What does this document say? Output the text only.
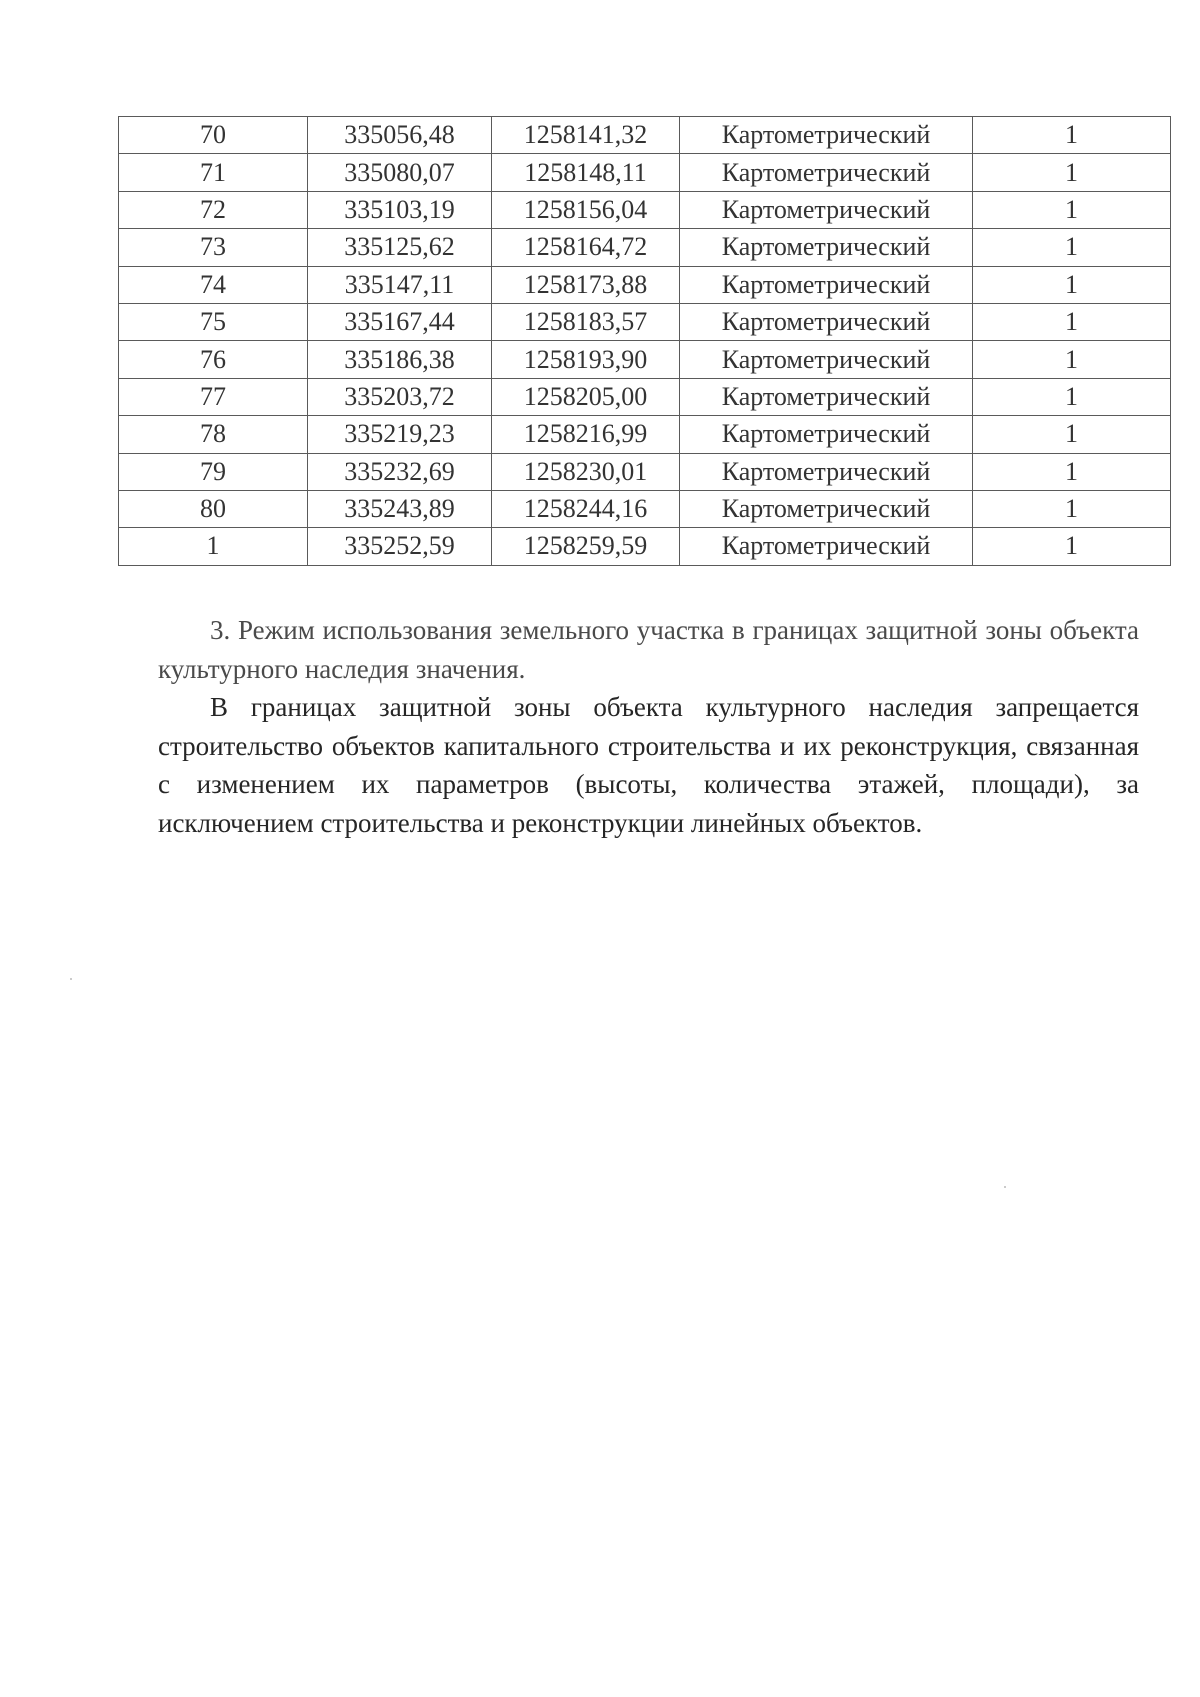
70	335056,48	1258141,32	Картометрический	1
71	335080,07	1258148,11	Картометрический	1
72	335103,19	1258156,04	Картометрический	1
73	335125,62	1258164,72	Картометрический	1
74	335147,11	1258173,88	Картометрический	1
75	335167,44	1258183,57	Картометрический	1
76	335186,38	1258193,90	Картометрический	1
77	335203,72	1258205,00	Картометрический	1
78	335219,23	1258216,99	Картометрический	1
79	335232,69	1258230,01	Картометрический	1
80	335243,89	1258244,16	Картометрический	1
1	335252,59	1258259,59	Картометрический	1

3. Режим использования земельного участка в границах защитной зоны объекта культурного наследия значения.

В границах защитной зоны объекта культурного наследия запрещается строительство объектов капитального строительства и их реконструкция, связанная с изменением их параметров (высоты, количества этажей, площади), за исключением строительства и реконструкции линейных объектов.
